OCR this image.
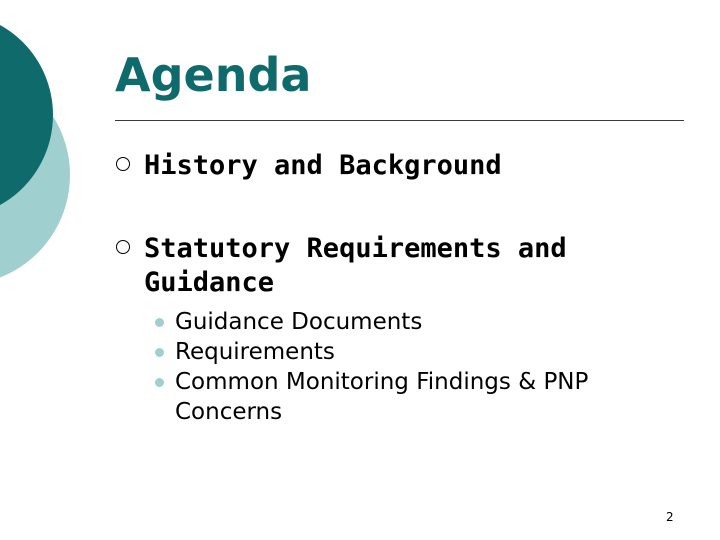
Agenda
History and Background
Statutory Requirements and Guidance
Guidance Documents
Requirements
Common Monitoring Findings & PNP Concerns
2
